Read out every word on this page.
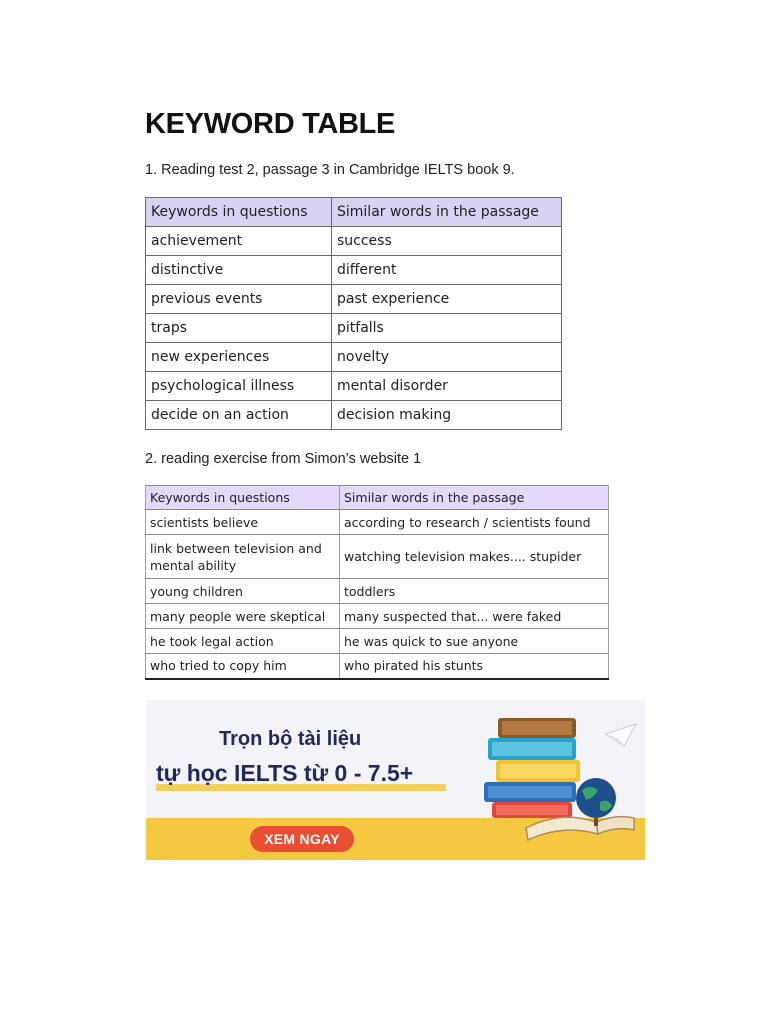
KEYWORD TABLE
1. Reading test 2, passage 3 in Cambridge IELTS book 9.
Keywords in questions	Similar words in the passage
achievement	success
distinctive	different
previous events	past experience
traps	pitfalls
new experiences	novelty
psychological illness	mental disorder
decide on an action	decision making
2. reading exercise from Simon’s website 1
Keywords in questions	Similar words in the passage
scientists believe	according to research / scientists found
link between television and mental ability	watching television makes.... stupider
young children	toddlers
many people were skeptical	many suspected that... were faked
he took legal action	he was quick to sue anyone
who tried to copy him	who pirated his stunts
Trọn bộ tài liệu
tự học IELTS từ 0 - 7.5+
XEM NGAY
